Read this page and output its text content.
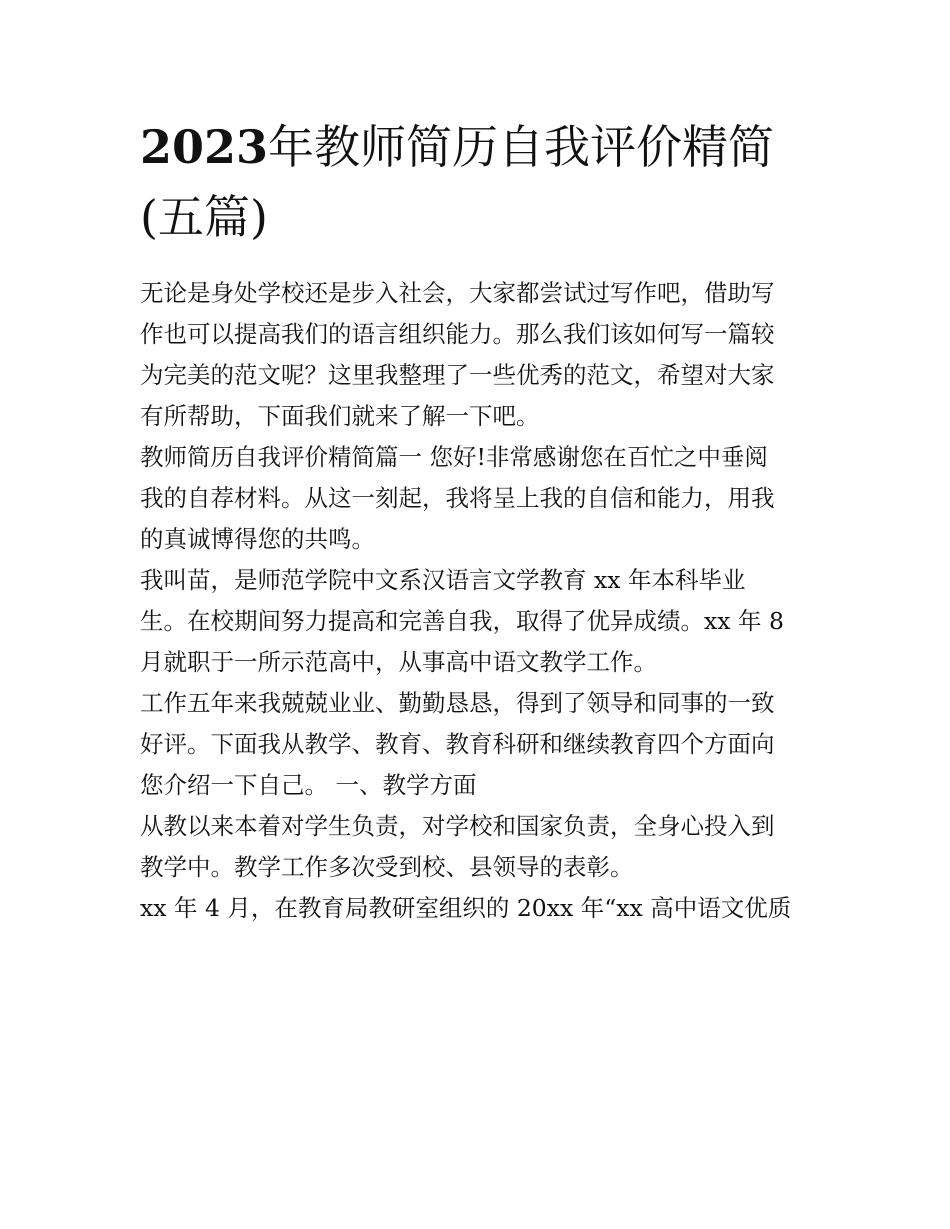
2023年教师简历自我评价精简
(五篇)
无论是身处学校还是步入社会，大家都尝试过写作吧，借助写
作也可以提高我们的语言组织能力。那么我们该如何写一篇较
为完美的范文呢？这里我整理了一些优秀的范文，希望对大家
有所帮助，下面我们就来了解一下吧。
教师简历自我评价精简篇一 您好!非常感谢您在百忙之中垂阅
我的自荐材料。从这一刻起，我将呈上我的自信和能力，用我
的真诚博得您的共鸣。
我叫苗，是师范学院中文系汉语言文学教育 xx 年本科毕业
生。在校期间努力提高和完善自我，取得了优异成绩。xx 年 8
月就职于一所示范高中，从事高中语文教学工作。
工作五年来我兢兢业业、勤勤恳恳，得到了领导和同事的一致
好评。下面我从教学、教育、教育科研和继续教育四个方面向
您介绍一下自己。 一、教学方面
从教以来本着对学生负责，对学校和国家负责，全身心投入到
教学中。教学工作多次受到校、县领导的表彰。
xx 年 4 月，在教育局教研室组织的 20xx 年“xx 高中语文优质
